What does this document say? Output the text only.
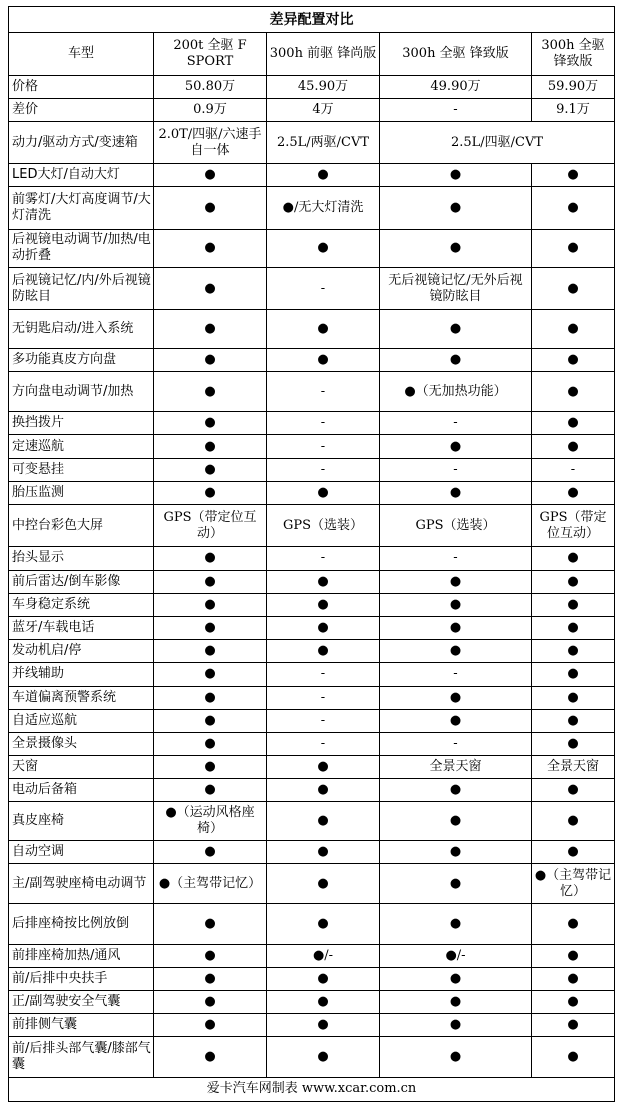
差异配置对比				
车型	200t 全驱 F SPORT	300h 前驱 锋尚版	300h 全驱 锋致版	300h 全驱 锋致版
价格	50.80万	45.90万	49.90万	59.90万
差价	0.9万	4万	-	9.1万
动力/驱动方式/变速箱	2.0T/四驱/六速手自一体	2.5L/两驱/CVT	2.5L/四驱/CVT	
LED大灯/自动大灯	●	●	●	●
前雾灯/大灯高度调节/大灯清洗	●	●/无大灯清洗	●	●
后视镜电动调节/加热/电动折叠	●	●	●	●
后视镜记忆/内/外后视镜防眩目	●	-	无后视镜记忆/无外后视镜防眩目	●
无钥匙启动/进入系统	●	●	●	●
多功能真皮方向盘	●	●	●	●
方向盘电动调节/加热	●	-	●（无加热功能）	●
换挡拨片	●	-	-	●
定速巡航	●	-	●	●
可变悬挂	●	-	-	-
胎压监测	●	●	●	●
中控台彩色大屏	GPS（带定位互动）	GPS（选装）	GPS（选装）	GPS（带定位互动）
抬头显示	●	-	-	●
前后雷达/倒车影像	●	●	●	●
车身稳定系统	●	●	●	●
蓝牙/车载电话	●	●	●	●
发动机启/停	●	●	●	●
并线辅助	●	-	-	●
车道偏离预警系统	●	-	●	●
自适应巡航	●	-	●	●
全景摄像头	●	-	-	●
天窗	●	●	全景天窗	全景天窗
电动后备箱	●	●	●	●
真皮座椅	●（运动风格座椅）	●	●	●
自动空调	●	●	●	●
主/副驾驶座椅电动调节	●（主驾带记忆）	●	●	●（主驾带记忆）
后排座椅按比例放倒	●	●	●	●
前排座椅加热/通风	●	●/-	●/-	●
前/后排中央扶手	●	●	●	●
正/副驾驶安全气囊	●	●	●	●
前排侧气囊	●	●	●	●
前/后排头部气囊/膝部气囊	●	●	●	●
爱卡汽车网制表 www.xcar.com.cn				
